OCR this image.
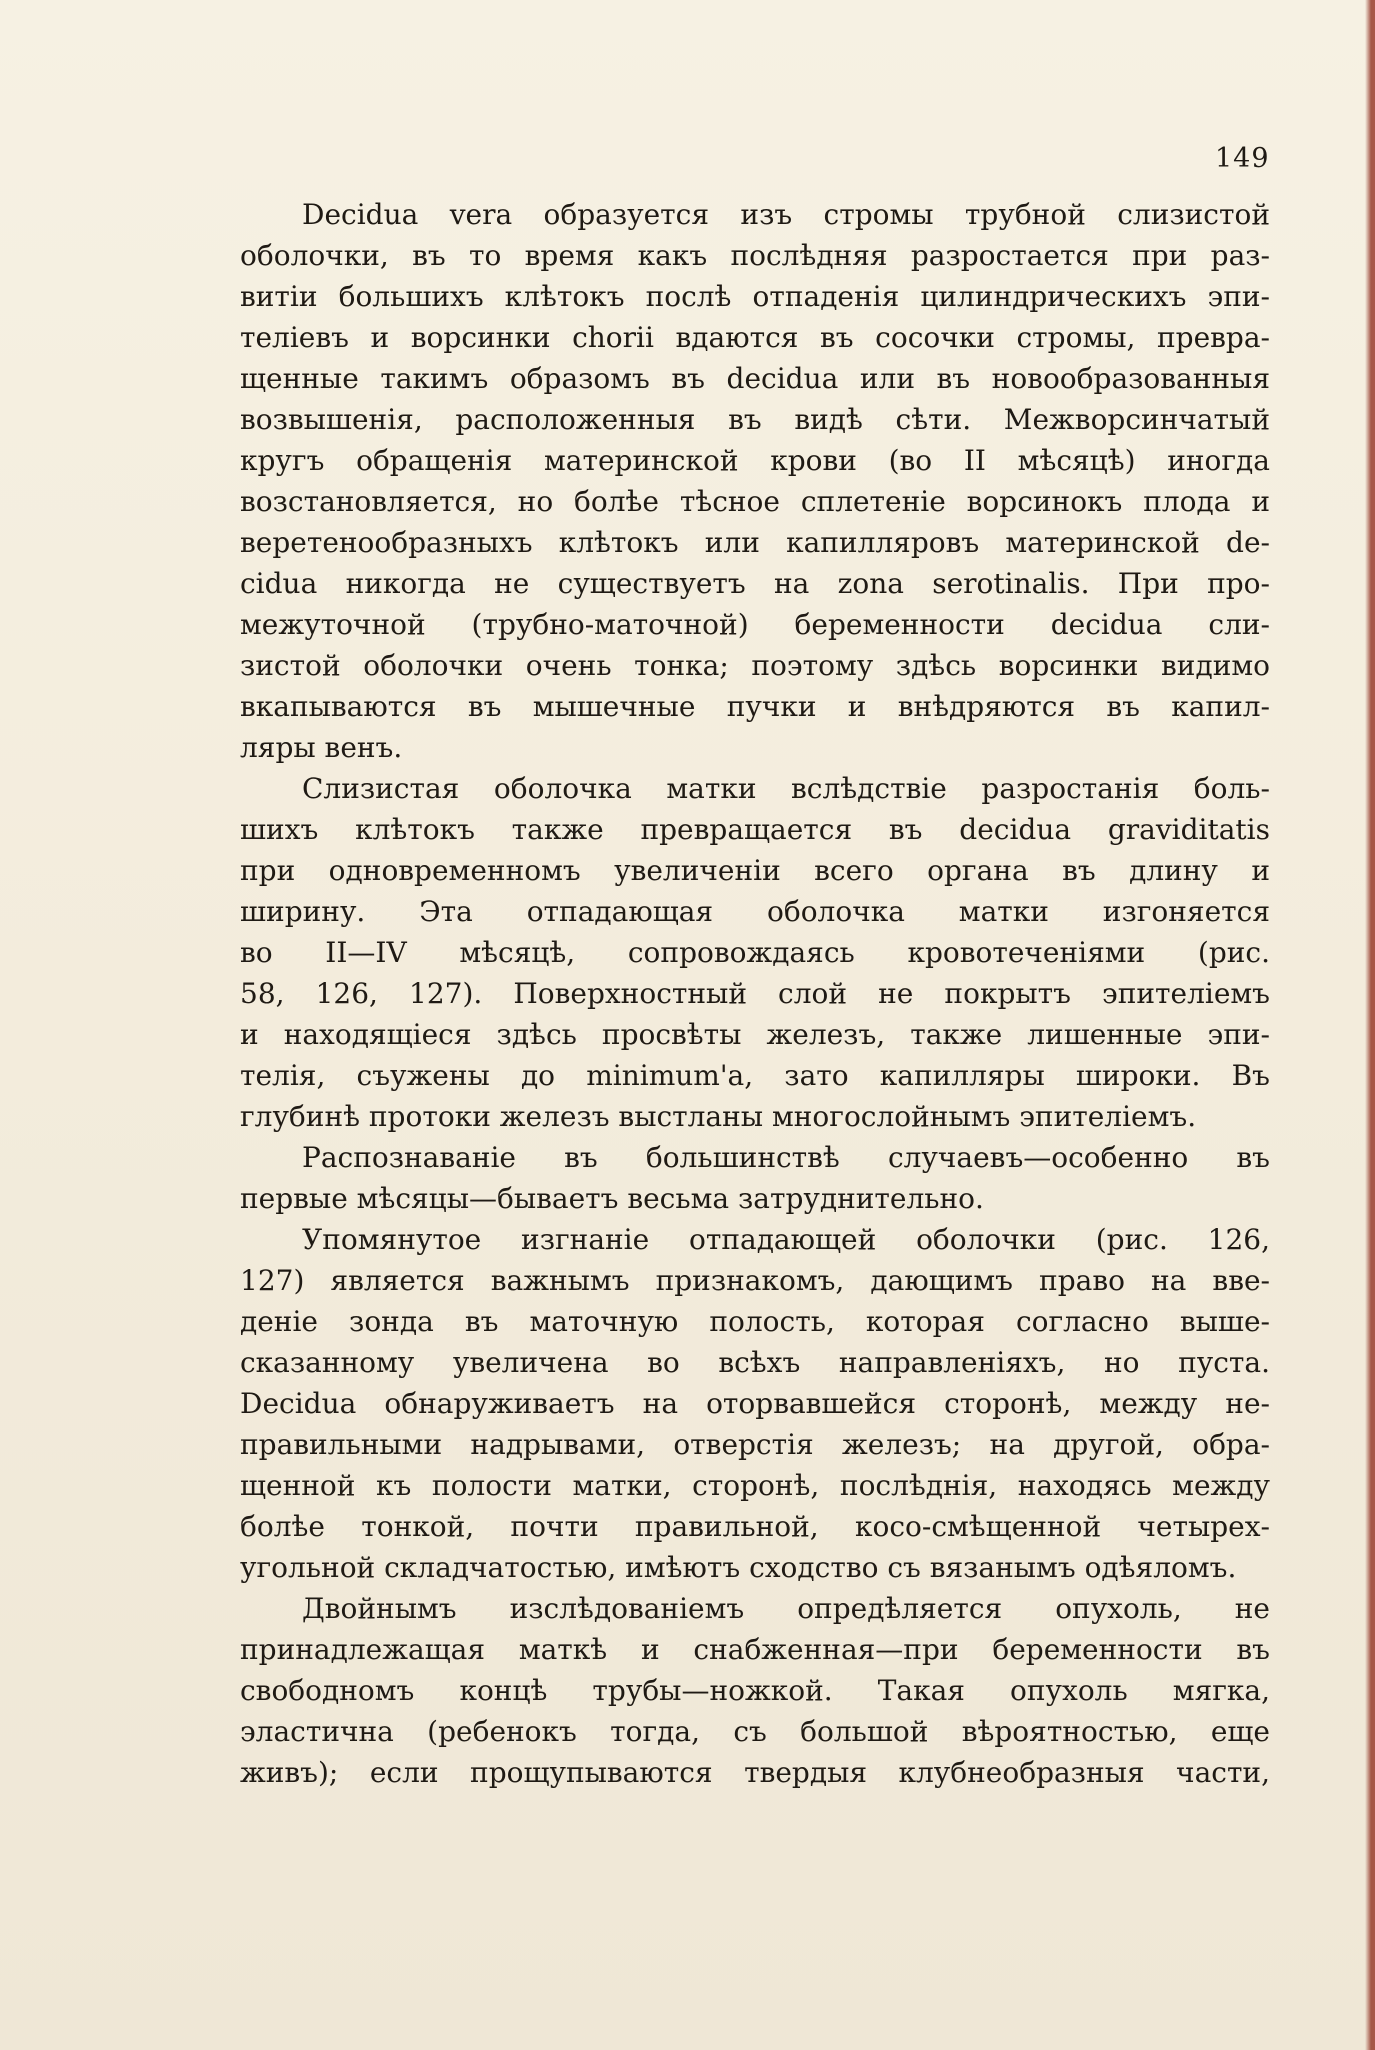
149
Decidua vera образуется изъ стромы трубной слизистой
оболочки, въ то время какъ послѣдняя разростается при раз-
витіи большихъ клѣтокъ послѣ отпаденія цилиндрическихъ эпи-
теліевъ и ворсинки chorii вдаются въ сосочки стромы, превра-
щенные такимъ образомъ въ decidua или въ новообразованныя
возвышенія, расположенныя въ видѣ сѣти. Межворсинчатый
кругъ обращенія материнской крови (во II мѣсяцѣ) иногда
возстановляется, но болѣе тѣсное сплетеніе ворсинокъ плода и
веретенообразныхъ клѣтокъ или капилляровъ материнской de-
cidua никогда не существуетъ на zona serotinalis. При про-
межуточной (трубно-маточной) беременности decidua сли-
зистой оболочки очень тонка; поэтому здѣсь ворсинки видимо
вкапываются въ мышечные пучки и внѣдряются въ капил-
ляры венъ.
Слизистая оболочка матки вслѣдствіе разростанія боль-
шихъ клѣтокъ также превращается въ decidua graviditatis
при одновременномъ увеличеніи всего органа въ длину и
ширину. Эта отпадающая оболочка матки изгоняется
во II—IV мѣсяцѣ, сопровождаясь кровотеченіями (рис.
58, 126, 127). Поверхностный слой не покрытъ эпителіемъ
и находящіеся здѣсь просвѣты железъ, также лишенные эпи-
телія, съужены до minimum'a, зато капилляры широки. Въ
глубинѣ протоки железъ выстланы многослойнымъ эпителіемъ.
Распознаваніе въ большинствѣ случаевъ—особенно въ
первые мѣсяцы—бываетъ весьма затруднительно.
Упомянутое изгнаніе отпадающей оболочки (рис. 126,
127) является важнымъ признакомъ, дающимъ право на вве-
деніе зонда въ маточную полость, которая согласно выше-
сказанному увеличена во всѣхъ направленіяхъ, но пуста.
Decidua обнаруживаетъ на оторвавшейся сторонѣ, между не-
правильными надрывами, отверстія железъ; на другой, обра-
щенной къ полости матки, сторонѣ, послѣднія, находясь между
болѣе тонкой, почти правильной, косо-смѣщенной четырех-
угольной складчатостью, имѣютъ сходство съ вязанымъ одѣяломъ.
Двойнымъ изслѣдованіемъ опредѣляется опухоль, не
принадлежащая маткѣ и снабженная—при беременности въ
свободномъ концѣ трубы—ножкой. Такая опухоль мягка,
эластична (ребенокъ тогда, съ большой вѣроятностью, еще
живъ); если прощупываются твердыя клубнеобразныя части,
